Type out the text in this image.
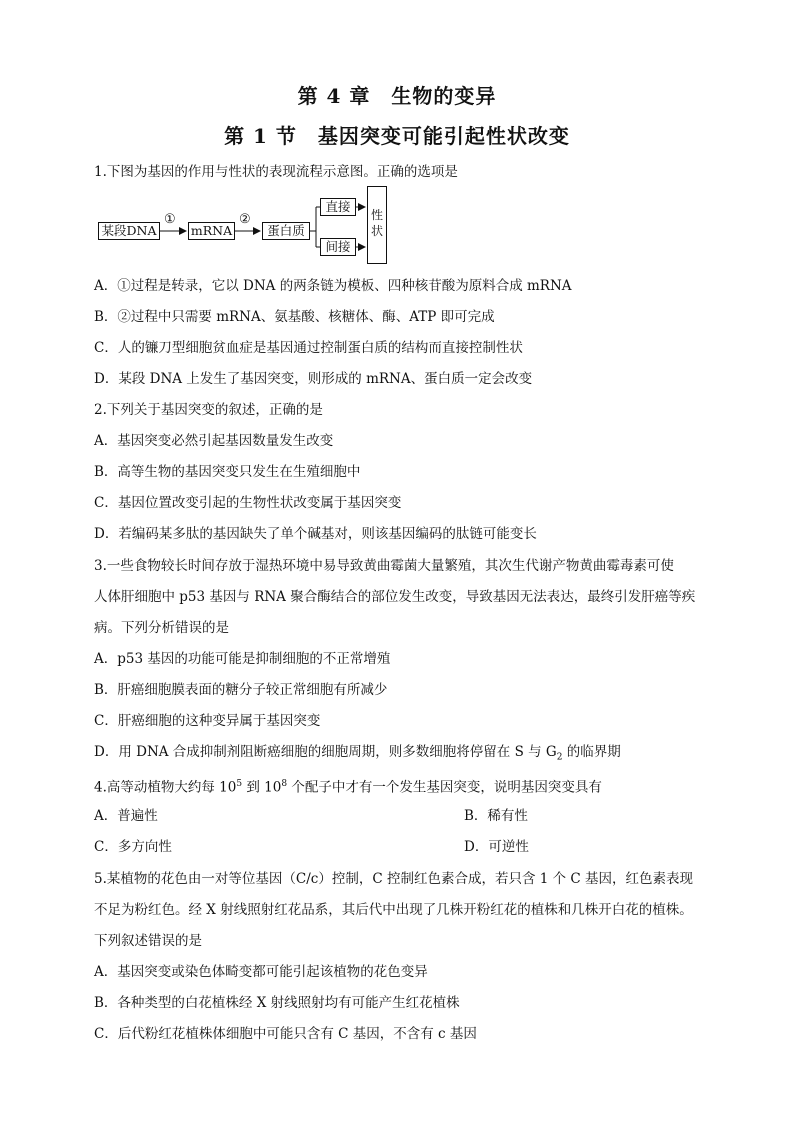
第 4 章　生物的变异
第 1 节　基因突变可能引起性状改变
1.下图为基因的作用与性状的表现流程示意图。正确的选项是
某段DNA
①
mRNA
②
蛋白质
直接
间接
性
状
A．①过程是转录，它以 DNA 的两条链为模板、四种核苷酸为原料合成 mRNA
B．②过程中只需要 mRNA、氨基酸、核糖体、酶、ATP 即可完成
C．人的镰刀型细胞贫血症是基因通过控制蛋白质的结构而直接控制性状
D．某段 DNA 上发生了基因突变，则形成的 mRNA、蛋白质一定会改变
2.下列关于基因突变的叙述，正确的是
A．基因突变必然引起基因数量发生改变
B．高等生物的基因突变只发生在生殖细胞中
C．基因位置改变引起的生物性状改变属于基因突变
D．若编码某多肽的基因缺失了单个碱基对，则该基因编码的肽链可能变长
3.一些食物较长时间存放于湿热环境中易导致黄曲霉菌大量繁殖，其次生代谢产物黄曲霉毒素可使
人体肝细胞中 p53 基因与 RNA 聚合酶结合的部位发生改变，导致基因无法表达，最终引发肝癌等疾
病。下列分析错误的是
A．p53 基因的功能可能是抑制细胞的不正常增殖
B．肝癌细胞膜表面的糖分子较正常细胞有所减少
C．肝癌细胞的这种变异属于基因突变
D．用 DNA 合成抑制剂阻断癌细胞的细胞周期，则多数细胞将停留在 S 与 $G_2$ 的临界期
4.高等动植物大约每 $10^5$ 到 $10^8$ 个配子中才有一个发生基因突变，说明基因突变具有
A．普遍性	B．稀有性
C．多方向性	D．可逆性
5.某植物的花色由一对等位基因（C/c）控制，C 控制红色素合成，若只含 1 个 C 基因，红色素表现
不足为粉红色。经 X 射线照射红花品系，其后代中出现了几株开粉红花的植株和几株开白花的植株。
下列叙述错误的是
A．基因突变或染色体畸变都可能引起该植物的花色变异
B．各种类型的白花植株经 X 射线照射均有可能产生红花植株
C．后代粉红花植株体细胞中可能只含有 C 基因，不含有 c 基因
